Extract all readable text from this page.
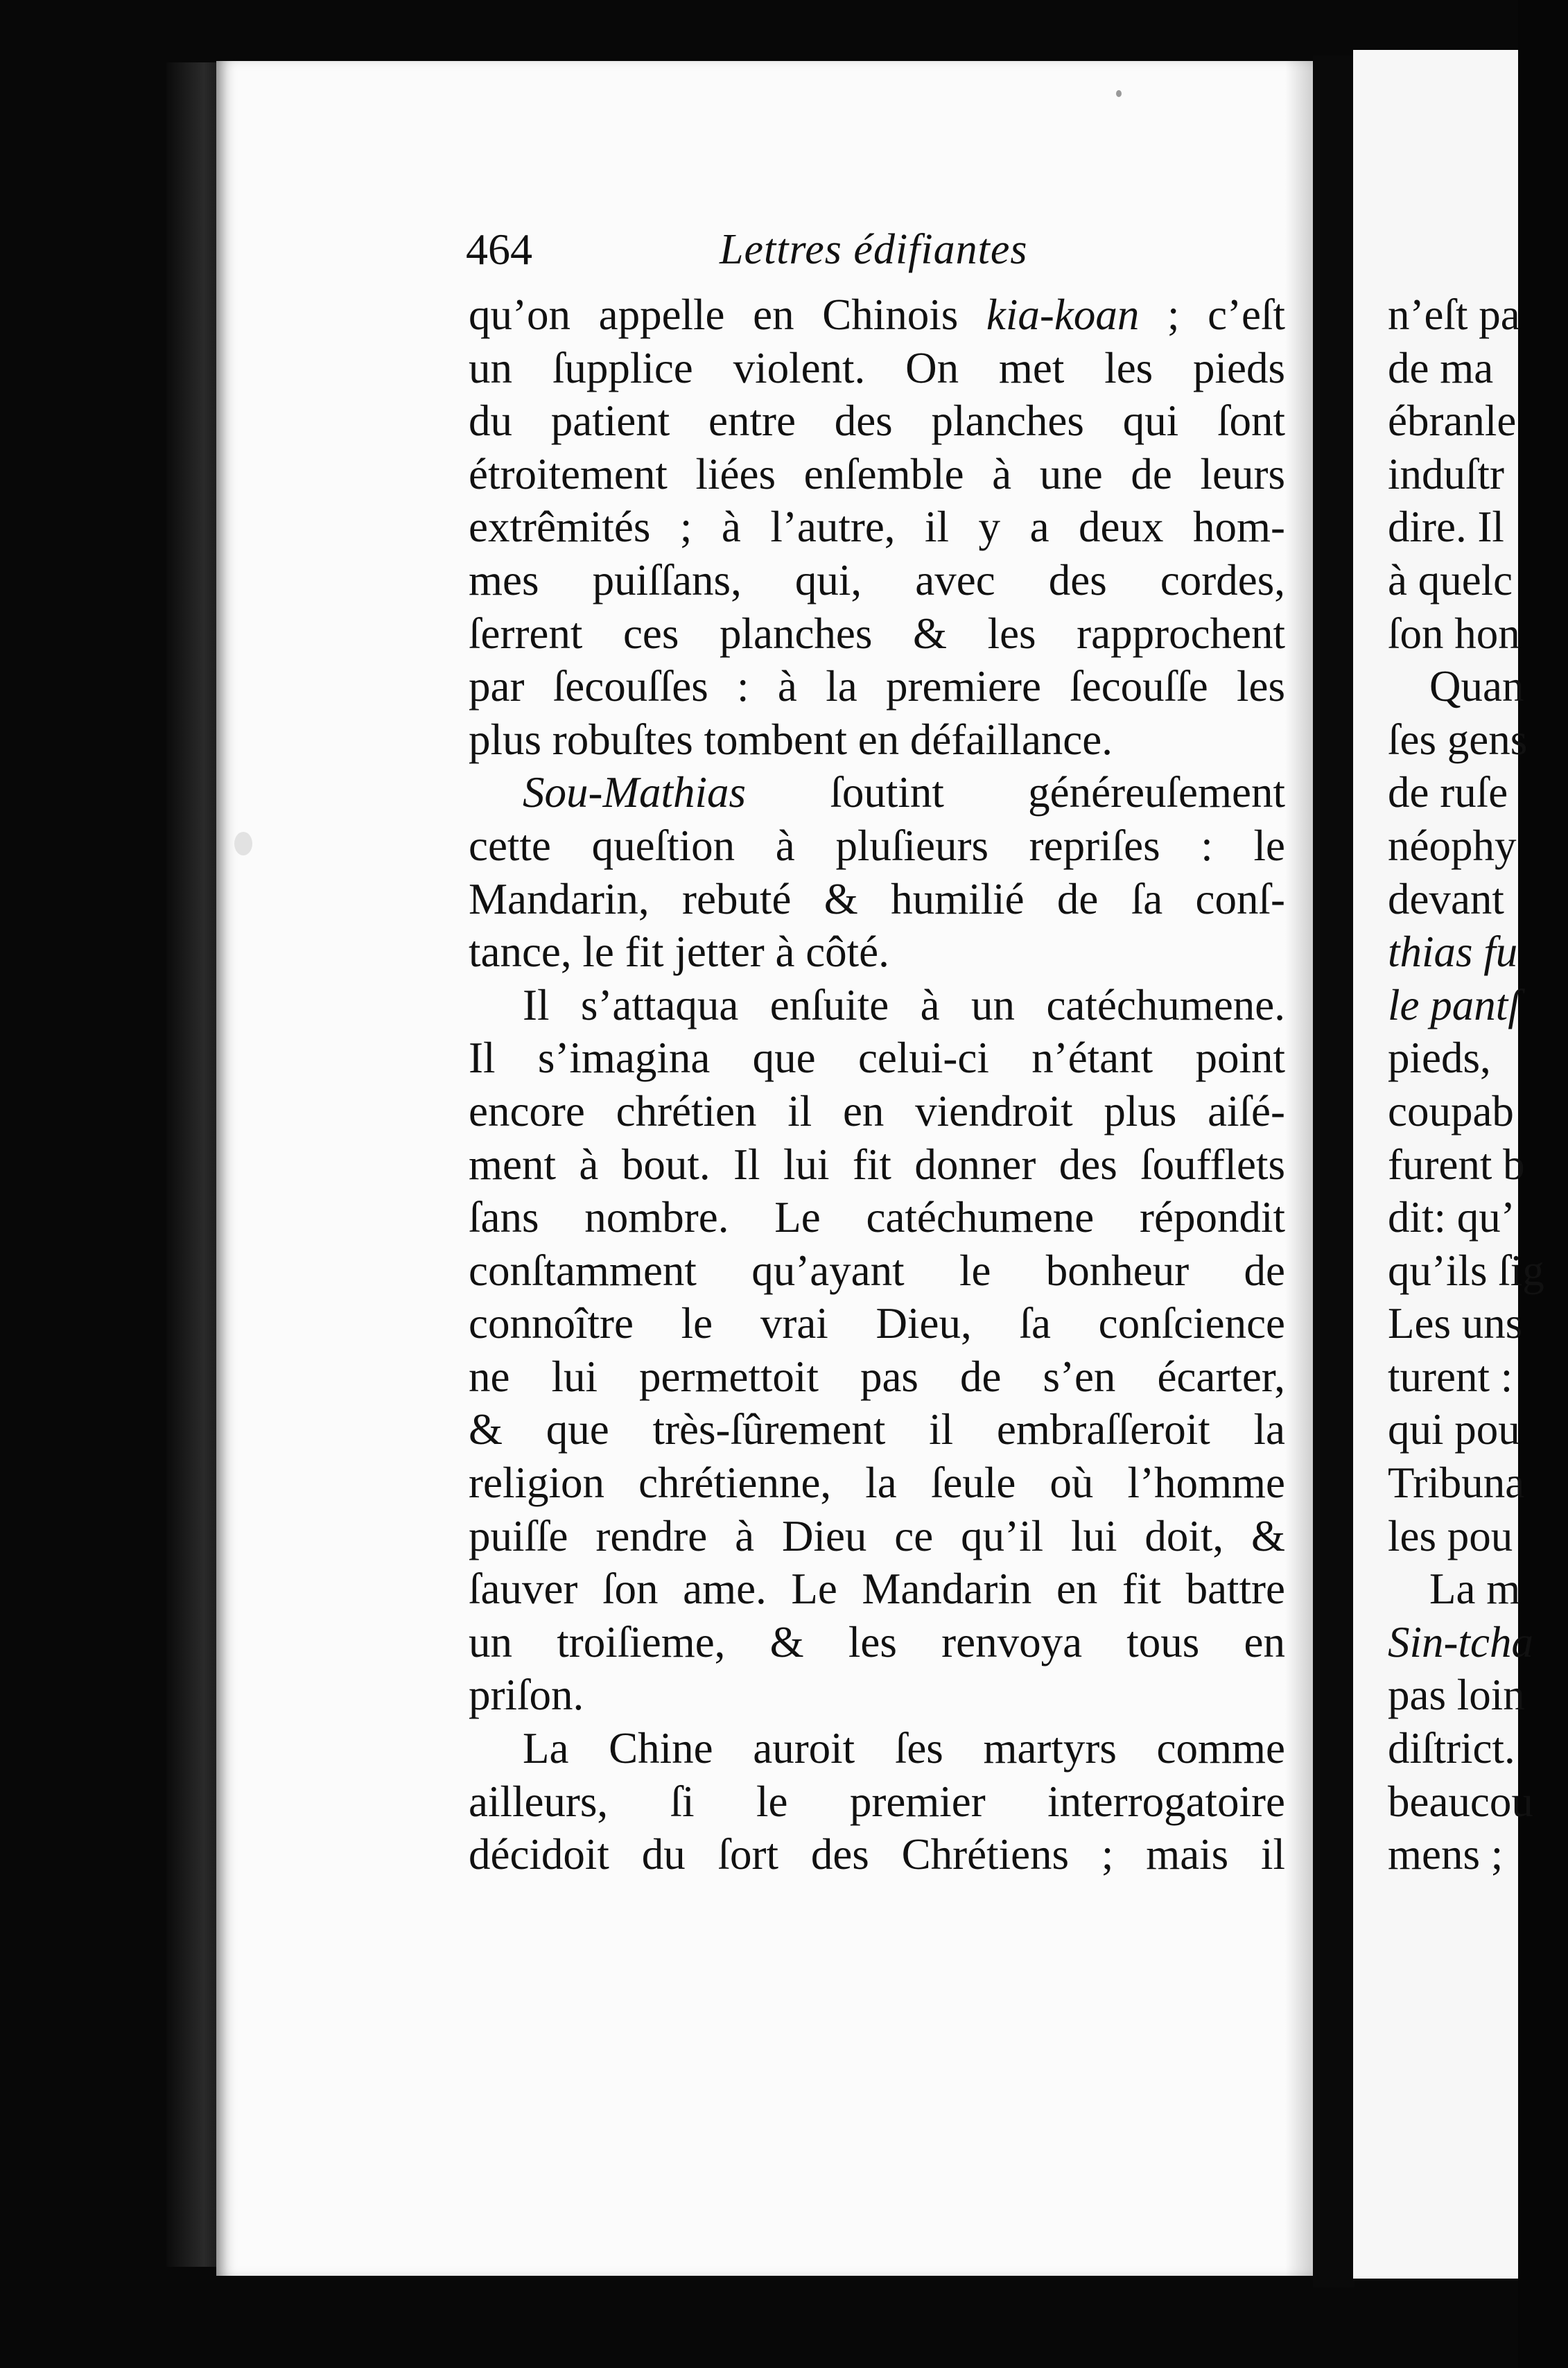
464	Lettres édifiantes
qu’on appelle en Chinois kia-koan ; c’eſt
un ſupplice violent. On met les pieds
du patient entre des planches qui ſont
étroitement liées enſemble à une de leurs
extrêmités ; à l’autre, il y a deux hom-
mes puiſſans, qui, avec des cordes,
ſerrent ces planches & les rapprochent
par ſecouſſes : à la premiere ſecouſſe les
plus robuſtes tombent en défaillance.
Sou-Mathias ſoutint généreuſement
cette queſtion à pluſieurs repriſes : le
Mandarin, rebuté & humilié de ſa conſ-
tance, le fit jetter à côté.
Il s’attaqua enſuite à un catéchumene.
Il s’imagina que celui-ci n’étant point
encore chrétien il en viendroit plus aiſé-
ment à bout. Il lui fit donner des ſoufflets
ſans nombre. Le catéchumene répondit
conſtamment qu’ayant le bonheur de
connoître le vrai Dieu, ſa conſcience
ne lui permettoit pas de s’en écarter,
& que très-ſûrement il embraſſeroit la
religion chrétienne, la ſeule où l’homme
puiſſe rendre à Dieu ce qu’il lui doit, &
ſauver ſon ame. Le Mandarin en fit battre
un troiſieme, & les renvoya tous en
priſon.
La Chine auroit ſes martyrs comme
ailleurs, ſi le premier interrogatoire
décidoit du ſort des Chrétiens ; mais il
n’eſt pa
de ma
ébranle
induſtr
dire. Il
à quelc
ſon hon
Quan
ſes gens
de ruſe
néophy
devant
thias fu
le pantſ
pieds,
coupab
furent b
dit: qu’
qu’ils ſig
Les uns
turent :
qui pou
Tribuna
les pou
La m
Sin-tcha
pas loin
diſtrict.
beaucou
mens ;
